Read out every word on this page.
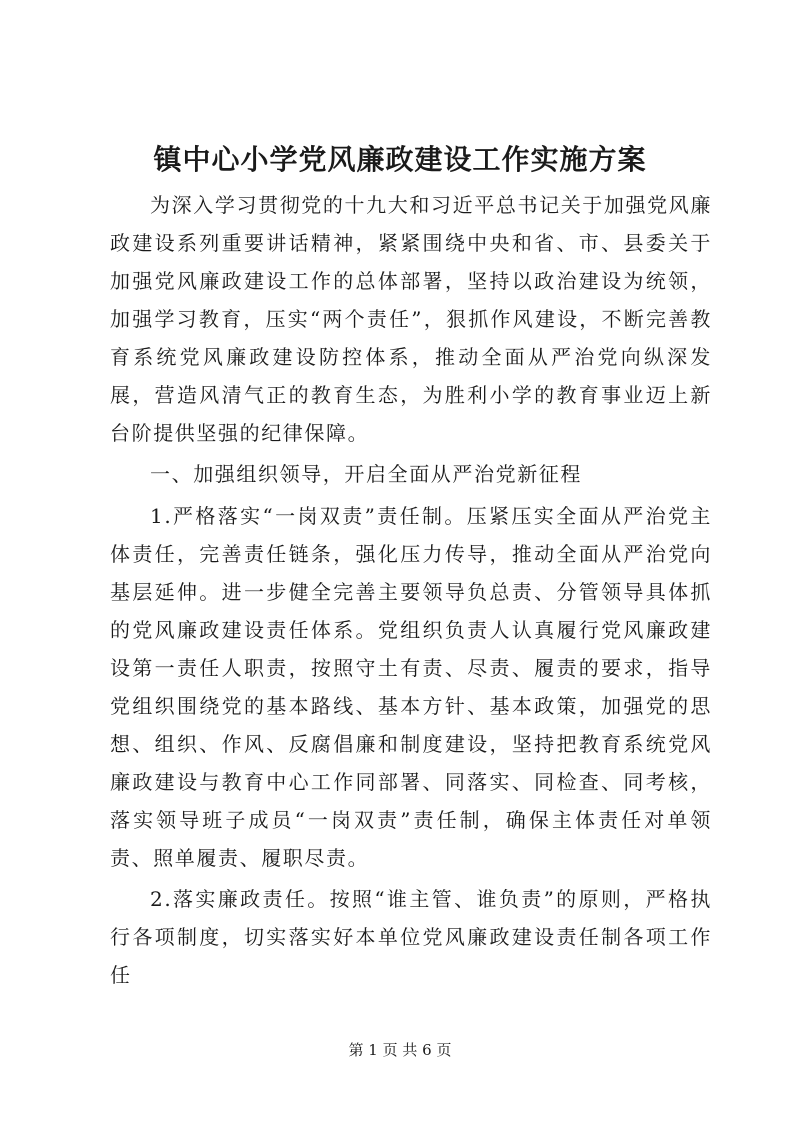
镇中心小学党风廉政建设工作实施方案

为深入学习贯彻党的十九大和习近平总书记关于加强党风廉政建设系列重要讲话精神，紧紧围绕中央和省、市、县委关于加强党风廉政建设工作的总体部署，坚持以政治建设为统领，加强学习教育，压实“两个责任”，狠抓作风建设，不断完善教育系统党风廉政建设防控体系，推动全面从严治党向纵深发展，营造风清气正的教育生态，为胜利小学的教育事业迈上新台阶提供坚强的纪律保障。

一、加强组织领导，开启全面从严治党新征程

1.严格落实“一岗双责”责任制。压紧压实全面从严治党主体责任，完善责任链条，强化压力传导，推动全面从严治党向基层延伸。进一步健全完善主要领导负总责、分管领导具体抓的党风廉政建设责任体系。党组织负责人认真履行党风廉政建设第一责任人职责，按照守土有责、尽责、履责的要求，指导党组织围绕党的基本路线、基本方针、基本政策，加强党的思想、组织、作风、反腐倡廉和制度建设，坚持把教育系统党风廉政建设与教育中心工作同部署、同落实、同检查、同考核，落实领导班子成员“一岗双责”责任制，确保主体责任对单领责、照单履责、履职尽责。

2.落实廉政责任。按照“谁主管、谁负责”的原则，严格执行各项制度，切实落实好本单位党风廉政建设责任制各项工作任

第 1 页 共 6 页
